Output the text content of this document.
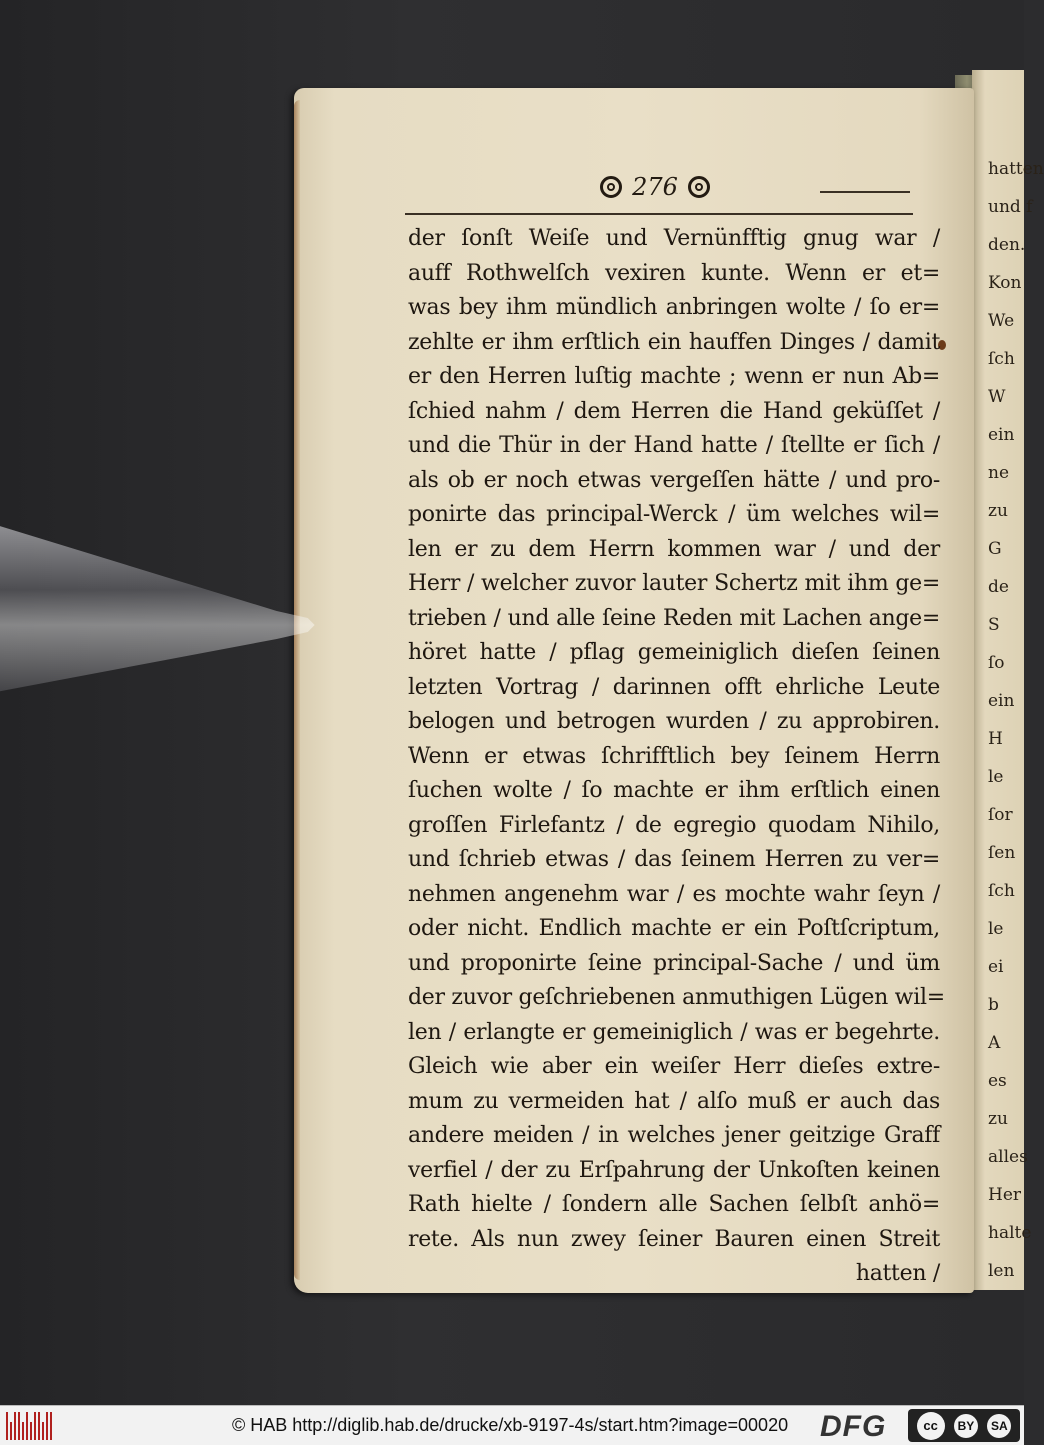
hatten
und f
den.
Kon
We
ſch
W
ein
ne
zu
G
de
S
ſo
ein
H
le
ſor
ſen
ſch
le
ei
b
A
es
zu
alles
Her
halte
len
276
der ſonſt Weiſe und Vernünfftig gnug war /
auff Rothwelſch vexiren kunte. Wenn er et=
was bey ihm mündlich anbringen wolte / ſo er=
zehlte er ihm erſtlich ein hauffen Dinges / damit
er den Herren luſtig machte ; wenn er nun Ab=
ſchied nahm / dem Herren die Hand geküſſet /
und die Thür in der Hand hatte / ſtellte er ſich /
als ob er noch etwas vergeſſen hätte / und pro-
ponirte das principal-Werck / üm welches wil=
len er zu dem Herrn kommen war / und der
Herr / welcher zuvor lauter Schertz mit ihm ge=
trieben / und alle ſeine Reden mit Lachen ange=
höret hatte / pflag gemeiniglich dieſen ſeinen
letzten Vortrag / darinnen offt ehrliche Leute
belogen und betrogen wurden / zu approbiren.
Wenn er etwas ſchrifftlich bey ſeinem Herrn
ſuchen wolte / ſo machte er ihm erſtlich einen
groſſen Firlefantz / de egregio quodam Nihilo,
und ſchrieb etwas / das ſeinem Herren zu ver=
nehmen angenehm war / es mochte wahr ſeyn /
oder nicht. Endlich machte er ein Poſtſcriptum,
und proponirte ſeine principal-Sache / und üm
der zuvor geſchriebenen anmuthigen Lügen wil=
len / erlangte er gemeiniglich / was er begehrte.
Gleich wie aber ein weiſer Herr dieſes extre-
mum zu vermeiden hat / alſo muß er auch das
andere meiden / in welches jener geitzige Graff
verfiel / der zu Erſpahrung der Unkoſten keinen
Rath hielte / ſondern alle Sachen ſelbſt anhö=
rete. Als nun zwey ſeiner Bauren einen Streit
hatten /
© HAB http://diglib.hab.de/drucke/xb-9197-4s/start.htm?image=00020 DFG	cc	BY	SA
